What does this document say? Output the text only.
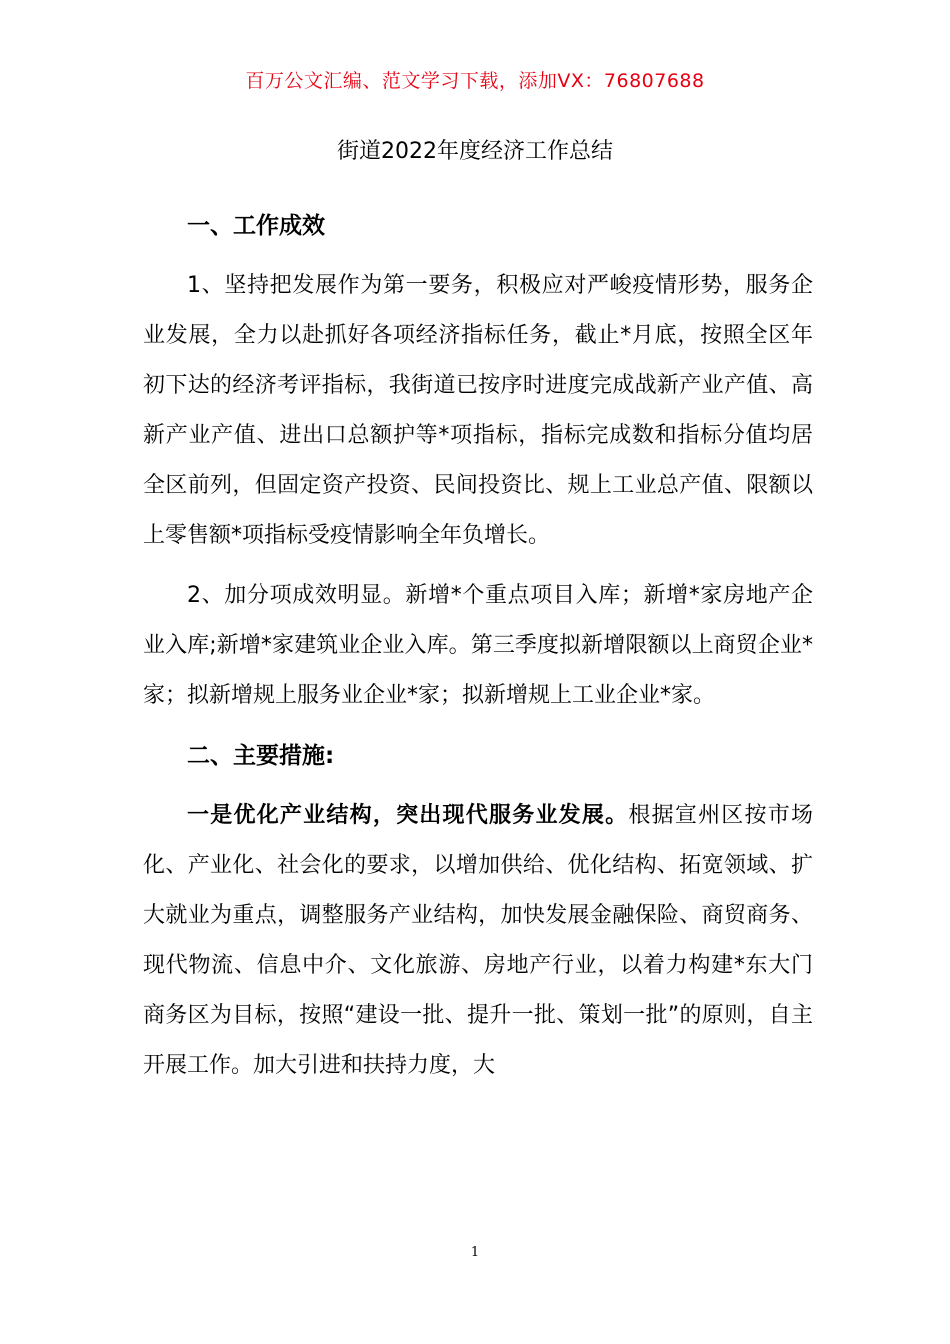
百万公文汇编、范文学习下载，添加VX：76807688
街道2022年度经济工作总结
一、工作成效

1、坚持把发展作为第一要务，积极应对严峻疫情形势，服务企业发展，全力以赴抓好各项经济指标任务，截止*月底，按照全区年初下达的经济考评指标，我街道已按序时进度完成战新产业产值、高新产业产值、进出口总额护等*项指标，指标完成数和指标分值均居全区前列，但固定资产投资、民间投资比、规上工业总产值、限额以上零售额*项指标受疫情影响全年负增长。

2、加分项成效明显。新增*个重点项目入库；新增*家房地产企业入库;新增*家建筑业企业入库。第三季度拟新增限额以上商贸企业*家；拟新增规上服务业企业*家；拟新增规上工业企业*家。

二、主要措施:

一是优化产业结构，突出现代服务业发展。根据宣州区按市场化、产业化、社会化的要求，以增加供给、优化结构、拓宽领域、扩大就业为重点，调整服务产业结构，加快发展金融保险、商贸商务、现代物流、信息中介、文化旅游、房地产行业，以着力构建*东大门商务区为目标，按照“建设一批、提升一批、策划一批”的原则，自主开展工作。加大引进和扶持力度，大

1
